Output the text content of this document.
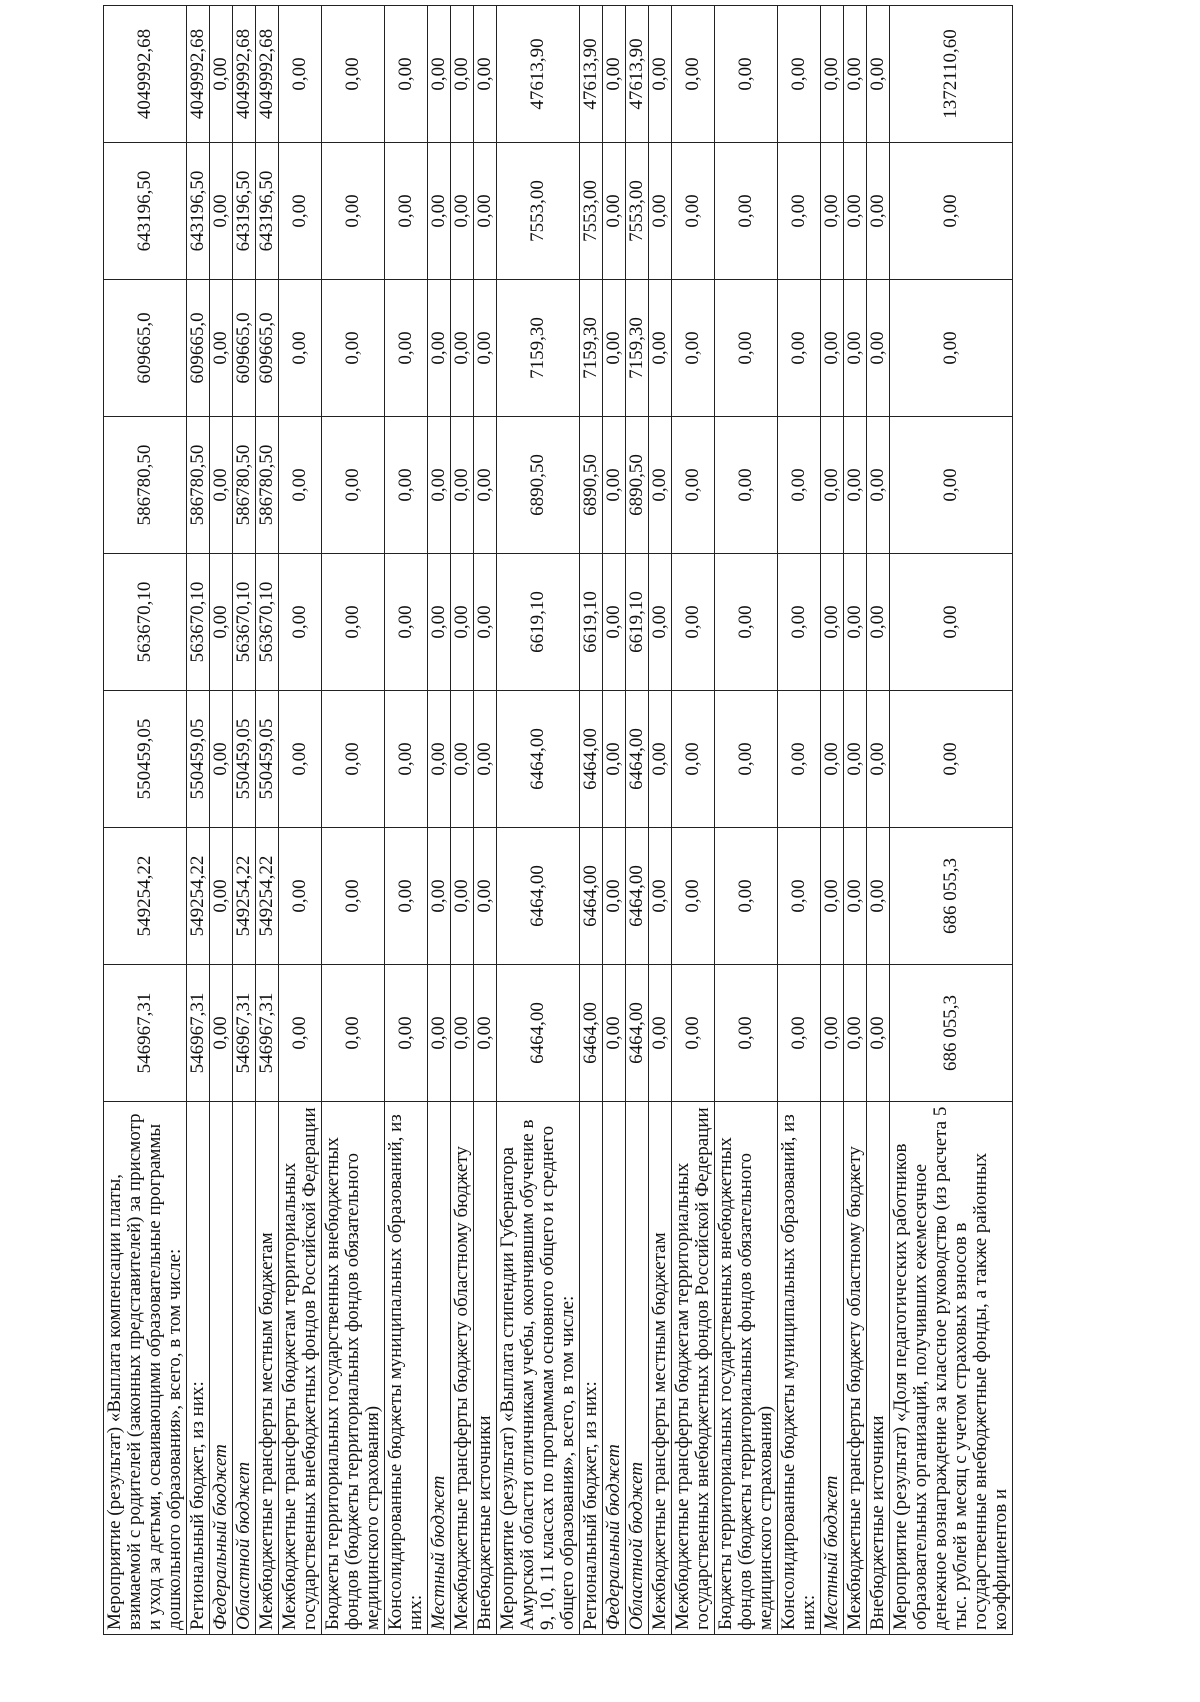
Мероприятие (результат) «Выплата компенсации платы, взимаемой с родителей (законных представителей) за присмотр и уход за детьми, осваивающими образовательные программы дошкольного образования», всего, в том числе:	546967,31	549254,22	550459,05	563670,10	586780,50	609665,0	643196,50	4049992,68
Региональный бюджет, из них:	546967,31	549254,22	550459,05	563670,10	586780,50	609665,0	643196,50	4049992,68
Федеральный бюджет	0,00	0,00	0,00	0,00	0,00	0,00	0,00	0,00
Областной бюджет	546967,31	549254,22	550459,05	563670,10	586780,50	609665,0	643196,50	4049992,68
Межбюджетные трансферты местным бюджетам	546967,31	549254,22	550459,05	563670,10	586780,50	609665,0	643196,50	4049992,68
Межбюджетные трансферты бюджетам территориальных государственных внебюджетных фондов Российской Федерации	0,00	0,00	0,00	0,00	0,00	0,00	0,00	0,00
Бюджеты территориальных государственных внебюджетных фондов (бюджеты территориальных фондов обязательного медицинского страхования)	0,00	0,00	0,00	0,00	0,00	0,00	0,00	0,00
Консолидированные бюджеты муниципальных образований, из них:	0,00	0,00	0,00	0,00	0,00	0,00	0,00	0,00
Местный бюджет	0,00	0,00	0,00	0,00	0,00	0,00	0,00	0,00
Межбюджетные трансферты бюджету областному бюджету	0,00	0,00	0,00	0,00	0,00	0,00	0,00	0,00
Внебюджетные источники	0,00	0,00	0,00	0,00	0,00	0,00	0,00	0,00
Мероприятие (результат) «Выплата стипендии Губернатора Амурской области отличникам учебы, окончившим обучение в 9, 10, 11 классах по программам основного общего и среднего общего образования», всего, в том числе:	6464,00	6464,00	6464,00	6619,10	6890,50	7159,30	7553,00	47613,90
Региональный бюджет, из них:	6464,00	6464,00	6464,00	6619,10	6890,50	7159,30	7553,00	47613,90
Федеральный бюджет	0,00	0,00	0,00	0,00	0,00	0,00	0,00	0,00
Областной бюджет	6464,00	6464,00	6464,00	6619,10	6890,50	7159,30	7553,00	47613,90
Межбюджетные трансферты местным бюджетам	0,00	0,00	0,00	0,00	0,00	0,00	0,00	0,00
Межбюджетные трансферты бюджетам территориальных государственных внебюджетных фондов Российской Федерации	0,00	0,00	0,00	0,00	0,00	0,00	0,00	0,00
Бюджеты территориальных государственных внебюджетных фондов (бюджеты территориальных фондов обязательного медицинского страхования)	0,00	0,00	0,00	0,00	0,00	0,00	0,00	0,00
Консолидированные бюджеты муниципальных образований, из них:	0,00	0,00	0,00	0,00	0,00	0,00	0,00	0,00
Местный бюджет	0,00	0,00	0,00	0,00	0,00	0,00	0,00	0,00
Межбюджетные трансферты бюджету областному бюджету	0,00	0,00	0,00	0,00	0,00	0,00	0,00	0,00
Внебюджетные источники	0,00	0,00	0,00	0,00	0,00	0,00	0,00	0,00
Мероприятие (результат) «Доля педагогических работников образовательных организаций, получивших ежемесячное денежное вознаграждение за классное руководство (из расчета 5 тыс. рублей в месяц с учетом страховых взносов в государственные внебюджетные фонды, а также районных коэффициентов и	686 055,3	686 055,3	0,00	0,00	0,00	0,00	0,00	1372110,60
